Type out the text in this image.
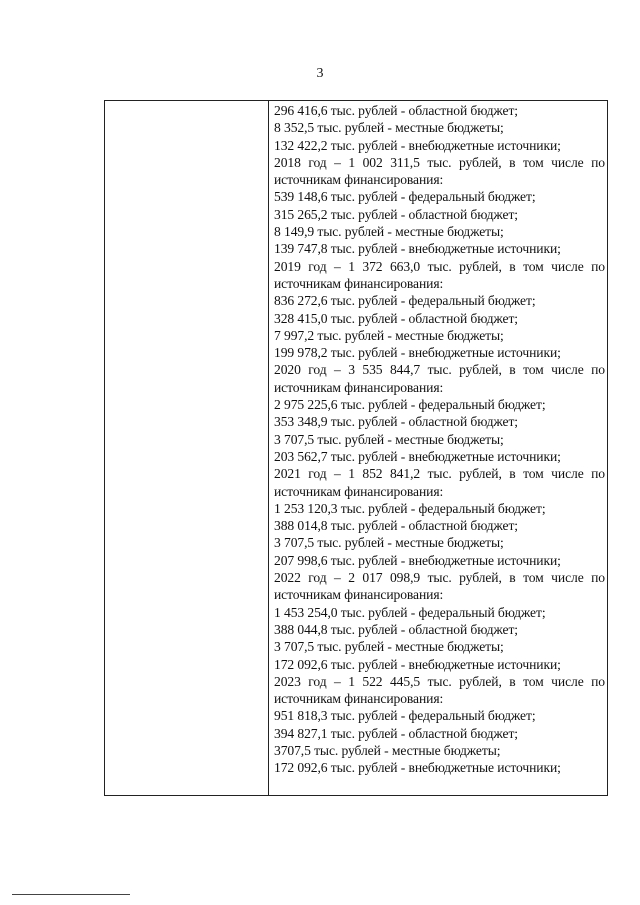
3
296 416,6 тыс. рублей - областной бюджет;
8 352,5 тыс. рублей - местные бюджеты;
132 422,2 тыс. рублей - внебюджетные источники;
2018 год – 1 002 311,5 тыс. рублей, в том числе по
источникам финансирования:
539 148,6 тыс. рублей - федеральный бюджет;
315 265,2 тыс. рублей - областной бюджет;
8 149,9 тыс. рублей - местные бюджеты;
139 747,8 тыс. рублей - внебюджетные источники;
2019 год – 1 372 663,0 тыс. рублей, в том числе по
источникам финансирования:
836 272,6 тыс. рублей - федеральный бюджет;
328 415,0 тыс. рублей - областной бюджет;
7 997,2 тыс. рублей - местные бюджеты;
199 978,2 тыс. рублей - внебюджетные источники;
2020 год – 3 535 844,7 тыс. рублей, в том числе по
источникам финансирования:
2 975 225,6 тыс. рублей - федеральный бюджет;
353 348,9 тыс. рублей - областной бюджет;
3 707,5 тыс. рублей - местные бюджеты;
203 562,7 тыс. рублей - внебюджетные источники;
2021 год – 1 852 841,2 тыс. рублей, в том числе по
источникам финансирования:
1 253 120,3 тыс. рублей - федеральный бюджет;
388 014,8 тыс. рублей - областной бюджет;
3 707,5 тыс. рублей - местные бюджеты;
207 998,6 тыс. рублей - внебюджетные источники;
2022 год – 2 017 098,9 тыс. рублей, в том числе по
источникам финансирования:
1 453 254,0 тыс. рублей - федеральный бюджет;
388 044,8 тыс. рублей - областной бюджет;
3 707,5 тыс. рублей - местные бюджеты;
172 092,6 тыс. рублей - внебюджетные источники;
2023 год – 1 522 445,5 тыс. рублей, в том числе по
источникам финансирования:
951 818,3 тыс. рублей - федеральный бюджет;
394 827,1 тыс. рублей - областной бюджет;
3707,5 тыс. рублей - местные бюджеты;
172 092,6 тыс. рублей - внебюджетные источники;
